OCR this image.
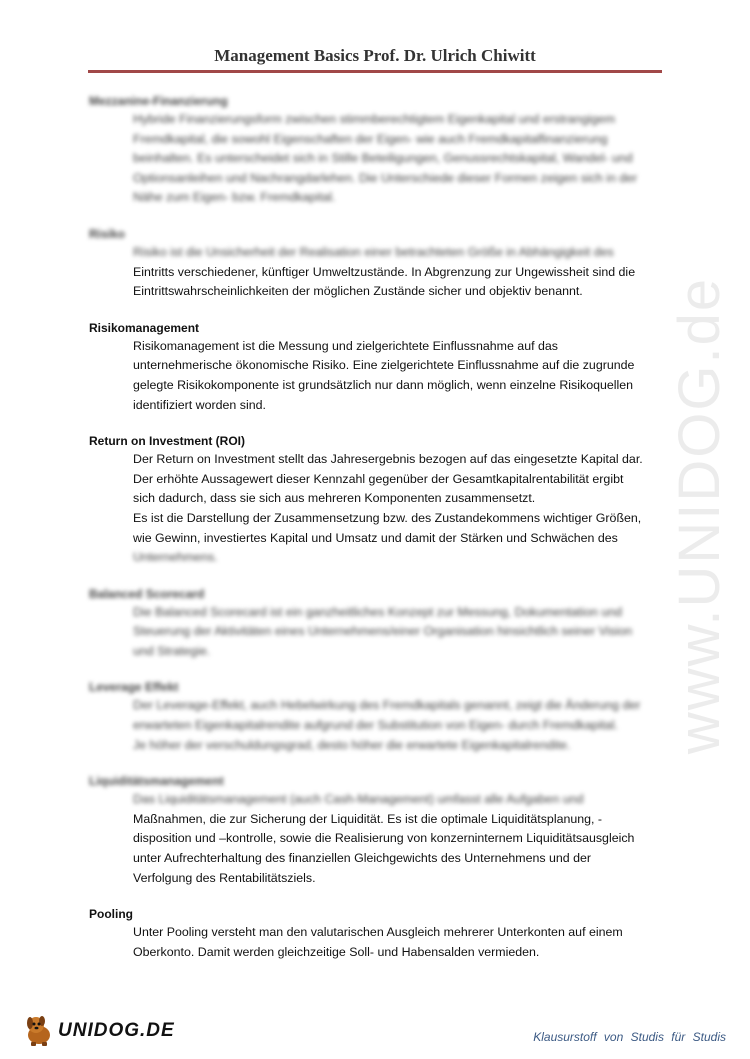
Management Basics Prof. Dr. Ulrich Chiwitt
www.UNIDOG.de

Mezzanine-Finanzierung

Hybride Finanzierungsform zwischen stimmberechtigtem Eigenkapital und erstrangigem
Fremdkapital, die sowohl Eigenschaften der Eigen- wie auch Fremdkapitalfinanzierung
beinhalten. Es unterscheidet sich in Stille Beteiligungen, Genussrechtskapital, Wandel- und
Optionsanleihen und Nachrangdarlehen. Die Unterschiede dieser Formen zeigen sich in der
Nähe zum Eigen- bzw. Fremdkapital.

Risiko

Risiko ist die Unsicherheit der Realisation einer betrachteten Größe in Abhängigkeit des
Eintritts verschiedener, künftiger Umweltzustände. In Abgrenzung zur Ungewissheit sind die
Eintrittswahrscheinlichkeiten der möglichen Zustände sicher und objektiv benannt.

Risikomanagement

Risikomanagement ist die Messung und zielgerichtete Einflussnahme auf das
unternehmerische ökonomische Risiko. Eine zielgerichtete Einflussnahme auf die zugrunde
gelegte Risikokomponente ist grundsätzlich nur dann möglich, wenn einzelne Risikoquellen
identifiziert worden sind.

Return on Investment (ROI)

Der Return on Investment stellt das Jahresergebnis bezogen auf das eingesetzte Kapital dar.
Der erhöhte Aussagewert dieser Kennzahl gegenüber der Gesamtkapitalrentabilität ergibt
sich dadurch, dass sie sich aus mehreren Komponenten zusammensetzt.
Es ist die Darstellung der Zusammensetzung bzw. des Zustandekommens wichtiger Größen,
wie Gewinn, investiertes Kapital und Umsatz und damit der Stärken und Schwächen des
Unternehmens.

Balanced Scorecard

Die Balanced Scorecard ist ein ganzheitliches Konzept zur Messung, Dokumentation und
Steuerung der Aktivitäten eines Unternehmens/einer Organisation hinsichtlich seiner Vision
und Strategie.

Leverage Effekt

Der Leverage-Effekt, auch Hebelwirkung des Fremdkapitals genannt, zeigt die Änderung der
erwarteten Eigenkapitalrendite aufgrund der Substitution von Eigen- durch Fremdkapital.
Je höher der verschuldungsgrad, desto höher die erwartete Eigenkapitalrendite.

Liquiditätsmanagement

Das Liquiditätsmanagement (auch Cash-Management) umfasst alle Aufgaben und
Maßnahmen, die zur Sicherung der Liquidität. Es ist die optimale Liquiditätsplanung, -
disposition und –kontrolle, sowie die Realisierung von konzerninternem Liquiditätsausgleich
unter Aufrechterhaltung des finanziellen Gleichgewichts des Unternehmens und der
Verfolgung des Rentabilitätsziels.

Pooling

Unter Pooling versteht man den valutarischen Ausgleich mehrerer Unterkonten auf einem
Oberkonto. Damit werden gleichzeitige Soll- und Habensalden vermieden.
UNIDOG.DE	Klausurstoff von Studis für Studis
